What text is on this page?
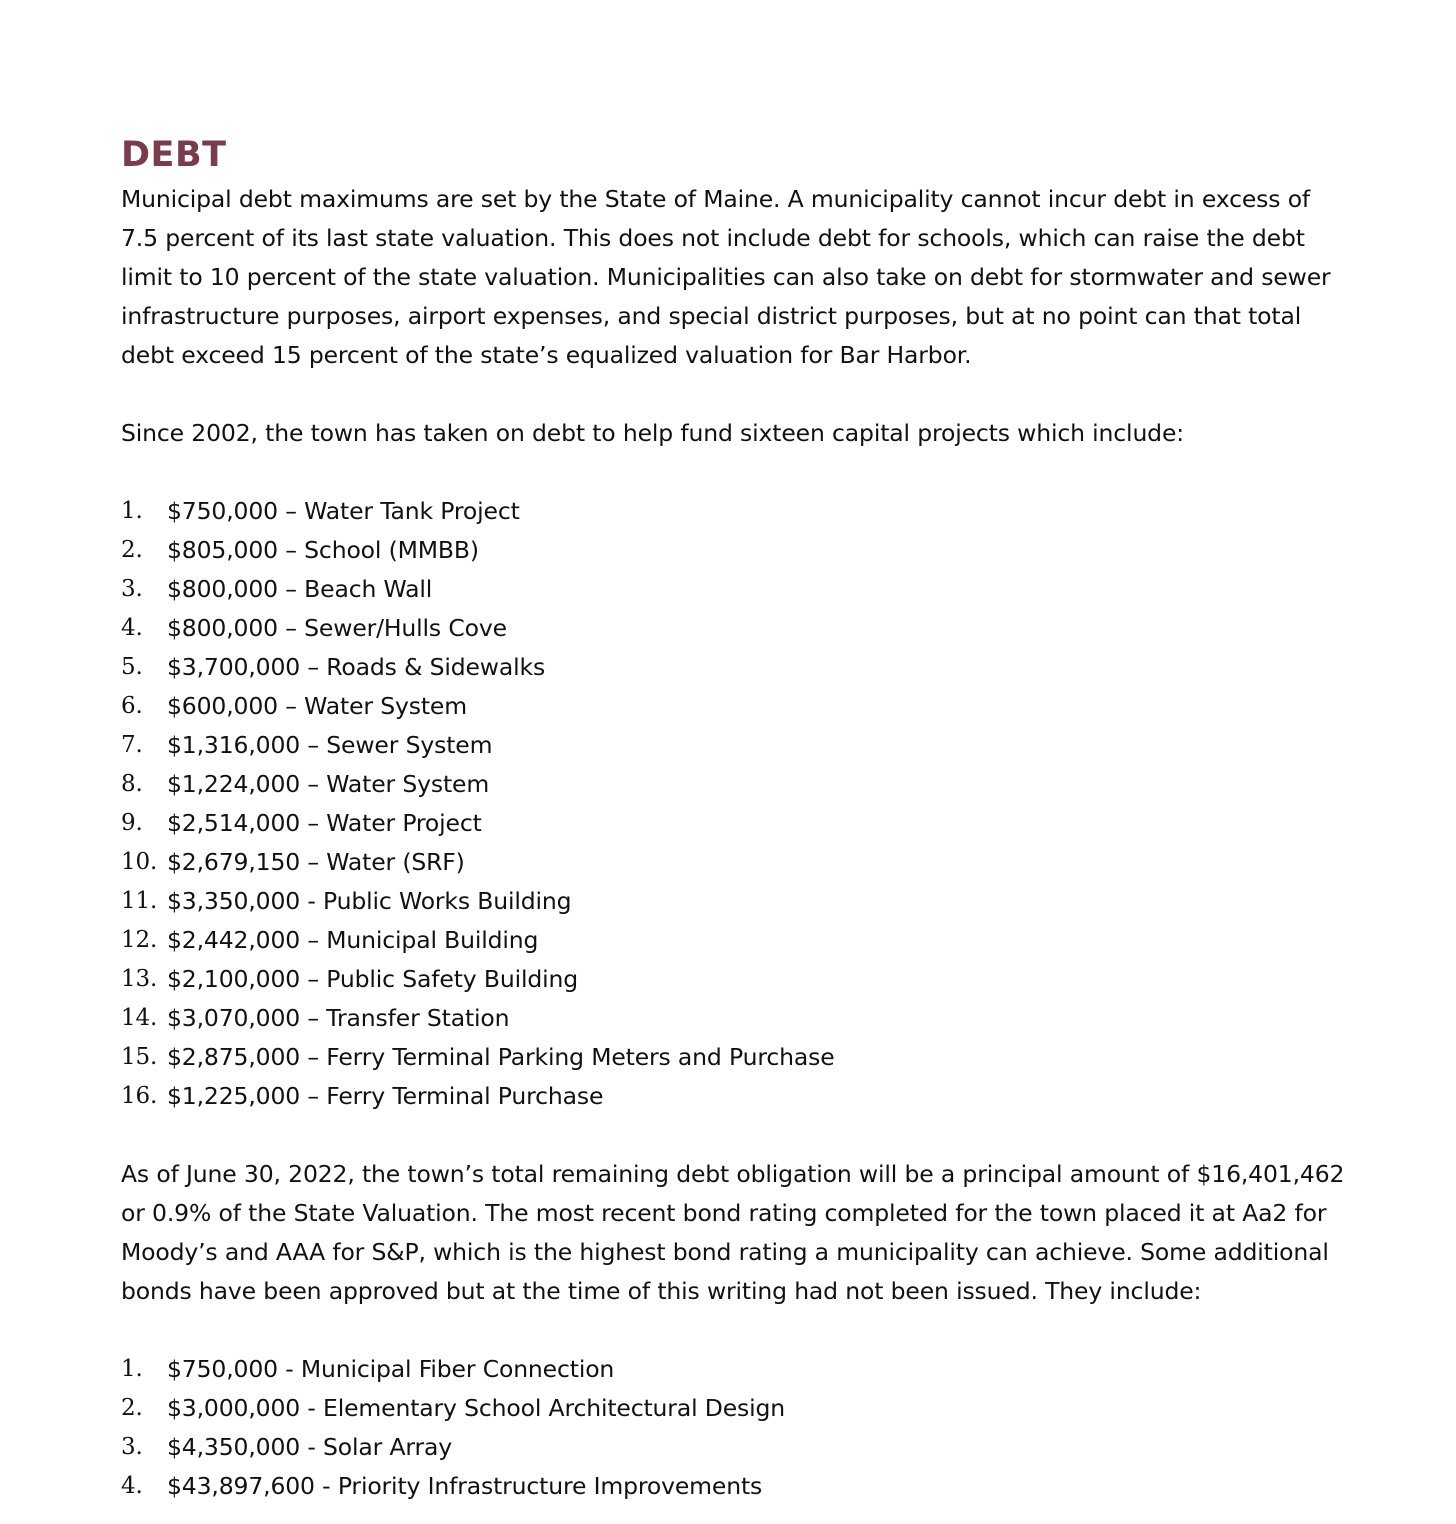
DEBT

Municipal debt maximums are set by the State of Maine. A municipality cannot incur debt in excess of

7.5 percent of its last state valuation. This does not include debt for schools, which can raise the debt

limit to 10 percent of the state valuation. Municipalities can also take on debt for stormwater and sewer

infrastructure purposes, airport expenses, and special district purposes, but at no point can that total

debt exceed 15 percent of the state’s equalized valuation for Bar Harbor.

Since 2002, the town has taken on debt to help fund sixteen capital projects which include:

1.	$750,000 – Water Tank Project
2.	$805,000 – School (MMBB)
3.	$800,000 – Beach Wall
4.	$800,000 – Sewer/Hulls Cove
5.	$3,700,000 – Roads & Sidewalks
6.	$600,000 – Water System
7.	$1,316,000 – Sewer System
8.	$1,224,000 – Water System
9.	$2,514,000 – Water Project
10. $2,679,150 – Water (SRF)
11. $3,350,000 - Public Works Building
12. $2,442,000 – Municipal Building
13. $2,100,000 – Public Safety Building
14. $3,070,000 – Transfer Station
15. $2,875,000 – Ferry Terminal Parking Meters and Purchase
16. $1,225,000 – Ferry Terminal Purchase

As of June 30, 2022, the town’s total remaining debt obligation will be a principal amount of $16,401,462

or 0.9% of the State Valuation. The most recent bond rating completed for the town placed it at Aa2 for

Moody’s and AAA for S&P, which is the highest bond rating a municipality can achieve. Some additional

bonds have been approved but at the time of this writing had not been issued. They include:

1.	$750,000 - Municipal Fiber Connection
2.	$3,000,000 - Elementary School Architectural Design
3.	$4,350,000 - Solar Array
4.	$43,897,600 - Priority Infrastructure Improvements
